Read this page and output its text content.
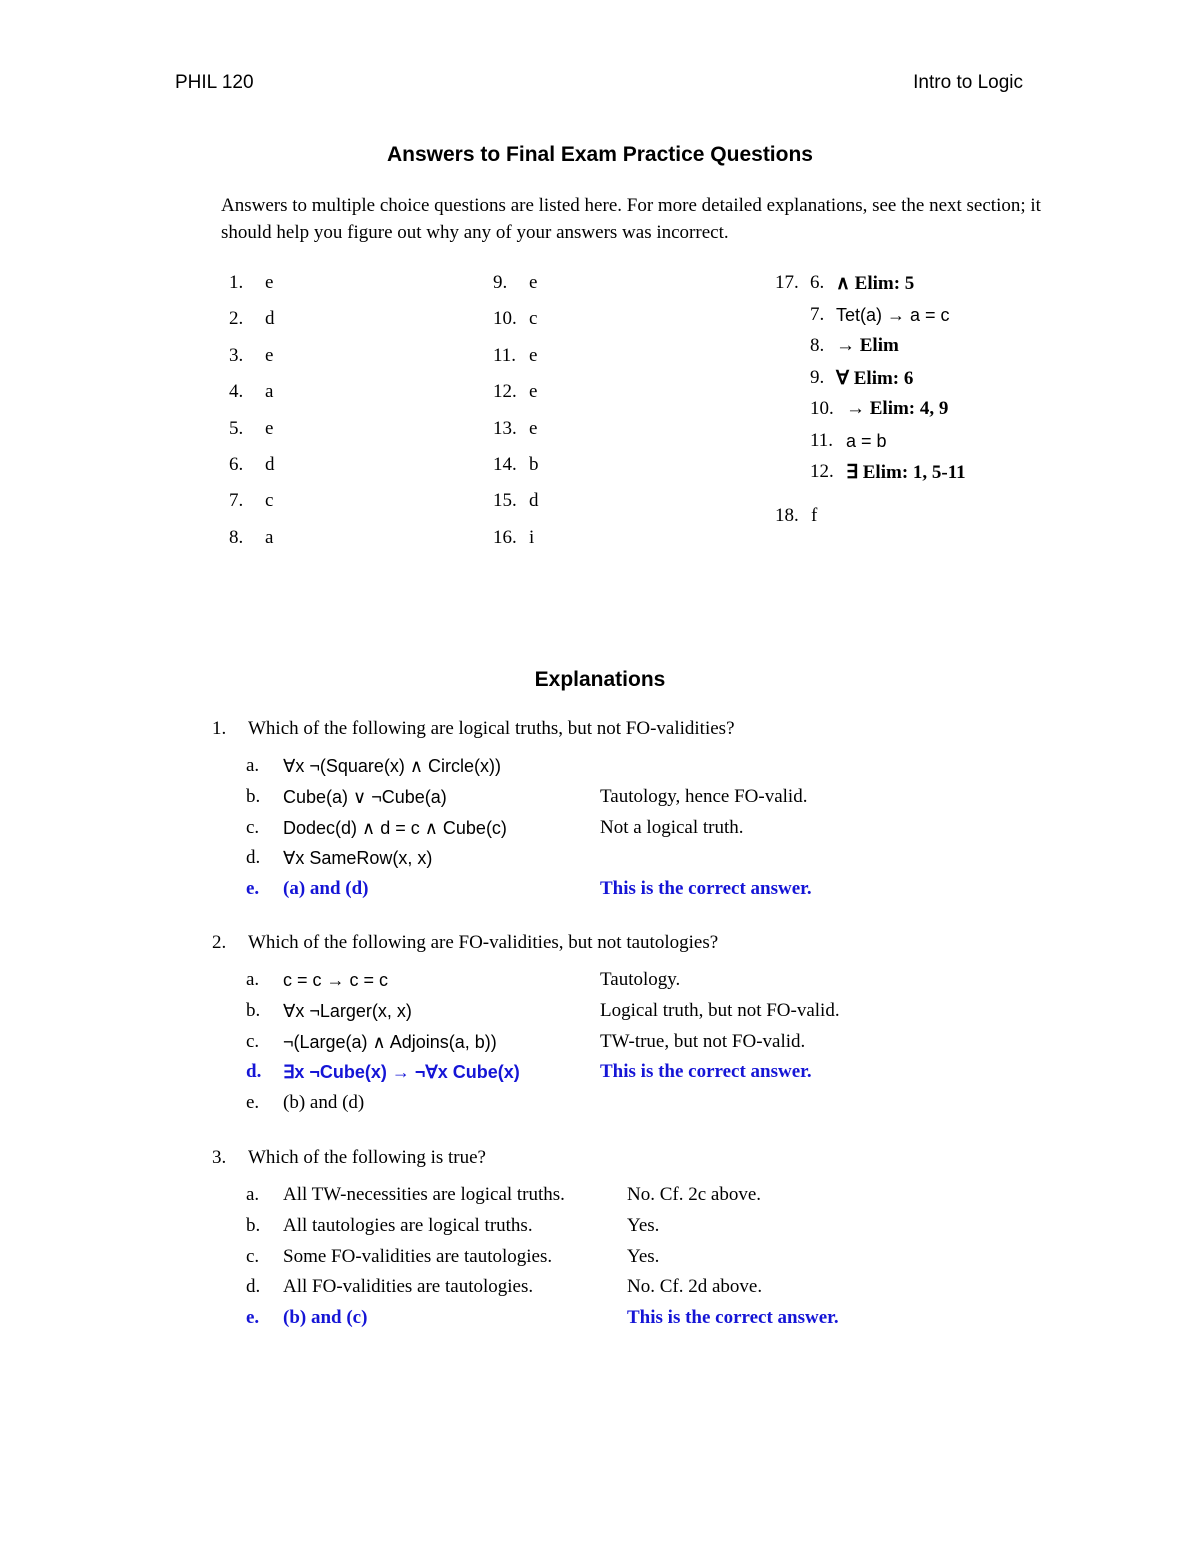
PHIL 120	Intro to Logic
Answers to Final Exam Practice Questions
Answers to multiple choice questions are listed here. For more detailed explanations, see the next section; it should help you figure out why any of your answers was incorrect.
1. e
2. d
3. e
4. a
5. e
6. d
7. c
8. a
9. e
10. c
11. e
12. e
13. e
14. b
15. d
16. i
17. 6. ∧ Elim: 5
7. Tet(a) → a = c
8. → Elim
9. ∀ Elim: 6
10. → Elim: 4, 9
11. a = b
12. ∃ Elim: 1, 5-11
18. f
Explanations
1. Which of the following are logical truths, but not FO-validities?
a. ∀x ¬(Square(x) ∧ Circle(x))
b. Cube(a) ∨ ¬Cube(a)	Tautology, hence FO-valid.
c. Dodec(d) ∧ d = c ∧ Cube(c)	Not a logical truth.
d. ∀x SameRow(x, x)
e. (a) and (d)	This is the correct answer.
2. Which of the following are FO-validities, but not tautologies?
a. c = c → c = c	Tautology.
b. ∀x ¬Larger(x, x)	Logical truth, but not FO-valid.
c. ¬(Large(a) ∧ Adjoins(a, b))	TW-true, but not FO-valid.
d. ∃x ¬Cube(x) → ¬∀x Cube(x)	This is the correct answer.
e. (b) and (d)
3. Which of the following is true?
a. All TW-necessities are logical truths.	No. Cf. 2c above.
b. All tautologies are logical truths.	Yes.
c. Some FO-validities are tautologies.	Yes.
d. All FO-validities are tautologies.	No. Cf. 2d above.
e. (b) and (c)	This is the correct answer.
